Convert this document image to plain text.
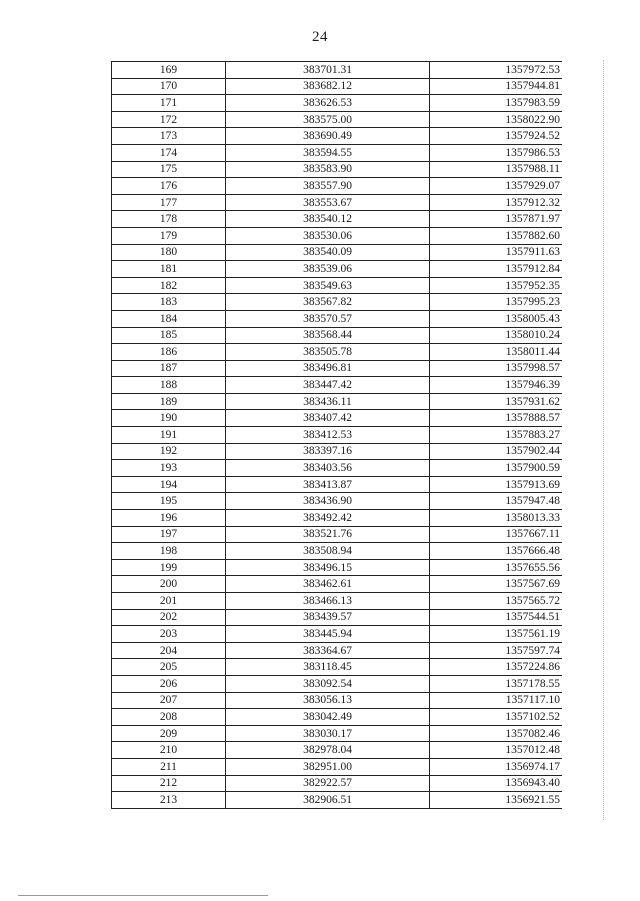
24
169	383701.31	1357972.53
170	383682.12	1357944.81
171	383626.53	1357983.59
172	383575.00	1358022.90
173	383690.49	1357924.52
174	383594.55	1357986.53
175	383583.90	1357988.11
176	383557.90	1357929.07
177	383553.67	1357912.32
178	383540.12	1357871.97
179	383530.06	1357882.60
180	383540.09	1357911.63
181	383539.06	1357912.84
182	383549.63	1357952.35
183	383567.82	1357995.23
184	383570.57	1358005.43
185	383568.44	1358010.24
186	383505.78	1358011.44
187	383496.81	1357998.57
188	383447.42	1357946.39
189	383436.11	1357931.62
190	383407.42	1357888.57
191	383412.53	1357883.27
192	383397.16	1357902.44
193	383403.56	1357900.59
194	383413.87	1357913.69
195	383436.90	1357947.48
196	383492.42	1358013.33
197	383521.76	1357667.11
198	383508.94	1357666.48
199	383496.15	1357655.56
200	383462.61	1357567.69
201	383466.13	1357565.72
202	383439.57	1357544.51
203	383445.94	1357561.19
204	383364.67	1357597.74
205	383118.45	1357224.86
206	383092.54	1357178.55
207	383056.13	1357117.10
208	383042.49	1357102.52
209	383030.17	1357082.46
210	382978.04	1357012.48
211	382951.00	1356974.17
212	382922.57	1356943.40
213	382906.51	1356921.55
